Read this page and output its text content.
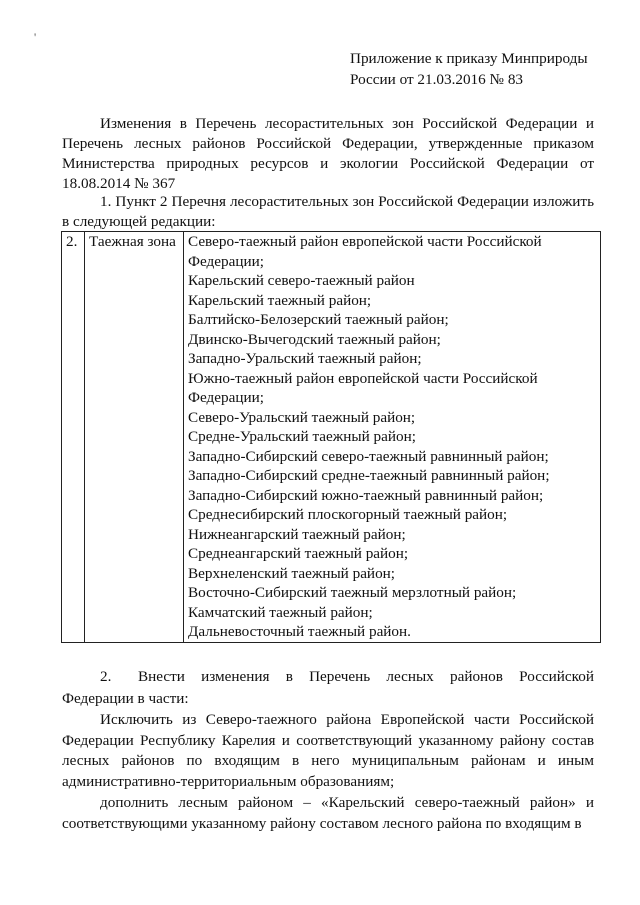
'
Приложение к приказу Минприроды
России от 21.03.2016 № 83

Изменения в Перечень лесорастительных зон Российской Федерации и Перечень лесных районов Российской Федерации, утвержденные приказом Министерства природных ресурсов и экологии Российской Федерации от 18.08.2014 № 367

1. Пункт 2 Перечня лесорастительных зон Российской Федерации изложить в следующей редакции:

2.	Таежная зона	Северо-таежный район европейской части Российской Федерации;
Карельский северо-таежный район
Карельский таежный район;
Балтийско-Белозерский таежный район;
Двинско-Вычегодский таежный район;
Западно-Уральский таежный район;
Южно-таежный район европейской части Российской Федерации;
Северо-Уральский таежный район;
Средне-Уральский таежный район;
Западно-Сибирский северо-таежный равнинный район;
Западно-Сибирский средне-таежный равнинный район;
Западно-Сибирский южно-таежный равнинный район;
Среднесибирский плоскогорный таежный район;
Нижнеангарский таежный район;
Среднеангарский таежный район;
Верхнеленский таежный район;
Восточно-Сибирский таежный мерзлотный район;
Камчатский таежный район;
Дальневосточный таежный район.
2.	Внести изменения в Перечень лесных районов Российской Федерации в части:

Исключить из Северо-таежного района Европейской части Российской Федерации Республику Карелия и соответствующий указанному району состав лесных районов по входящим в него муниципальным районам и иным административно-территориальным образованиям;

дополнить лесным районом – «Карельский северо-таежный район» и соответствующими указанному району составом лесного района по входящим в
